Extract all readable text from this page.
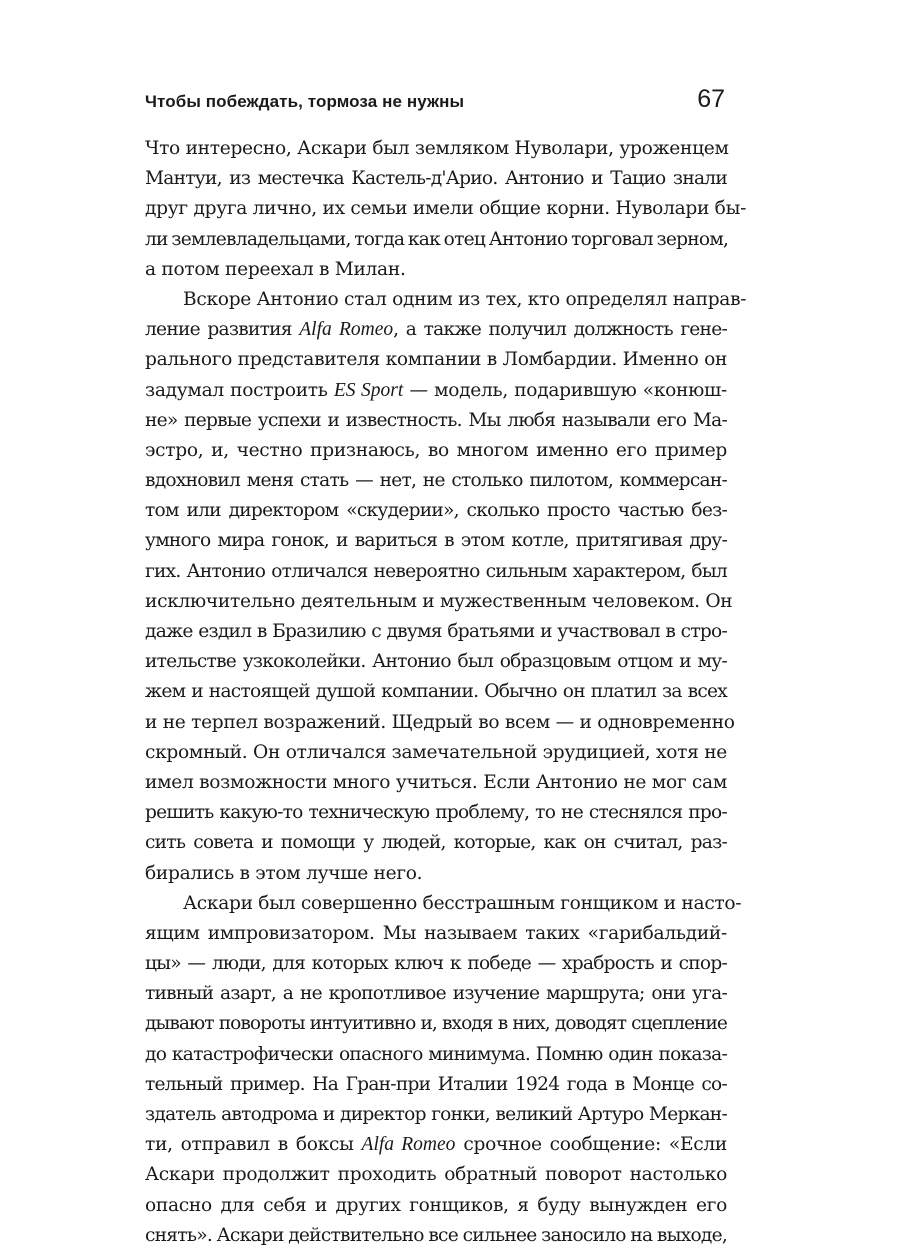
Чтобы побеждать, тормоза не нужны	67
Что интересно, Аскари был земляком Нуволари, уроженцем
Мантуи, из местечка Кастель-д'Арио. Антонио и Тацио знали
друг друга лично, их семьи имели общие корни. Нуволари бы-
ли землевладельцами, тогда как отец Антонио торговал зерном,
а потом переехал в Милан.
Вскоре Антонио стал одним из тех, кто определял направ-
ление развития Alfa Romeo, а также получил должность гене-
рального представителя компании в Ломбардии. Именно он
задумал построить ES Sport — модель, подарившую «конюш-
не» первые успехи и известность. Мы любя называли его Ма-
эстро, и, честно признаюсь, во многом именно его пример
вдохновил меня стать — нет, не столько пилотом, коммерсан-
том или директором «скудерии», сколько просто частью без-
умного мира гонок, и вариться в этом котле, притягивая дру-
гих. Антонио отличался невероятно сильным характером, был
исключительно деятельным и мужественным человеком. Он
даже ездил в Бразилию с двумя братьями и участвовал в стро-
ительстве узкоколейки. Антонио был образцовым отцом и му-
жем и настоящей душой компании. Обычно он платил за всех
и не терпел возражений. Щедрый во всем — и одновременно
скромный. Он отличался замечательной эрудицией, хотя не
имел возможности много учиться. Если Антонио не мог сам
решить какую-то техническую проблему, то не стеснялся про-
сить совета и помощи у людей, которые, как он считал, раз-
бирались в этом лучше него.
Аскари был совершенно бесстрашным гонщиком и насто-
ящим импровизатором. Мы называем таких «гарибальдий-
цы» — люди, для которых ключ к победе — храбрость и спор-
тивный азарт, а не кропотливое изучение маршрута; они уга-
дывают повороты интуитивно и, входя в них, доводят сцепление
до катастрофически опасного минимума. Помню один показа-
тельный пример. На Гран-при Италии 1924 года в Монце со-
здатель автодрома и директор гонки, великий Артуро Меркан-
ти, отправил в боксы Alfa Romeo срочное сообщение: «Если
Аскари продолжит проходить обратный поворот настолько
опасно для себя и других гонщиков, я буду вынужден его
снять». Аскари действительно все сильнее заносило на выходе,
